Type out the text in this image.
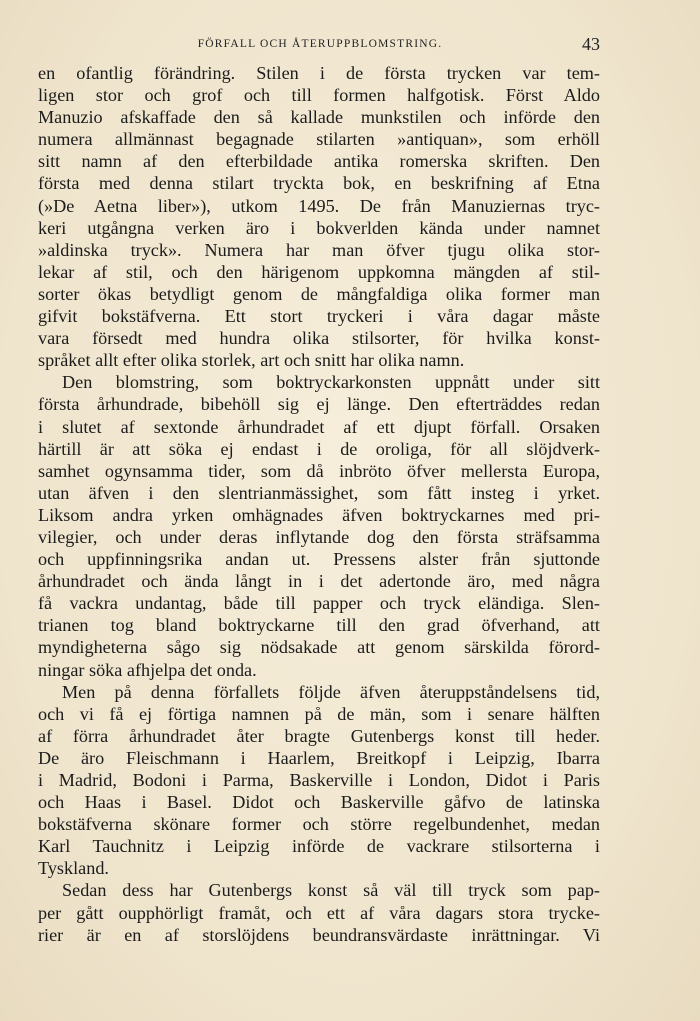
FÖRFALL OCH ÅTERUPPBLOMSTRING.	43
en ofantlig förändring. Stilen i de första trycken var tem-
ligen stor och grof och till formen halfgotisk. Först Aldo
Manuzio afskaffade den så kallade munkstilen och införde den
numera allmännast begagnade stilarten »antiquan», som erhöll
sitt namn af den efterbildade antika romerska skriften. Den
första med denna stilart tryckta bok, en beskrifning af Etna
(»De Aetna liber»), utkom 1495. De från Manuziernas tryc-
keri utgångna verken äro i bokverlden kända under namnet
»aldinska tryck». Numera har man öfver tjugu olika stor-
lekar af stil, och den härigenom uppkomna mängden af stil-
sorter ökas betydligt genom de mångfaldiga olika former man
gifvit bokstäfverna. Ett stort tryckeri i våra dagar måste
vara försedt med hundra olika stilsorter, för hvilka konst-
språket allt efter olika storlek, art och snitt har olika namn.
Den blomstring, som boktryckarkonsten uppnått under sitt
första århundrade, bibehöll sig ej länge. Den efterträddes redan
i slutet af sextonde århundradet af ett djupt förfall. Orsaken
härtill är att söka ej endast i de oroliga, för all slöjdverk-
samhet ogynsamma tider, som då inbröto öfver mellersta Europa,
utan äfven i den slentrianmässighet, som fått insteg i yrket.
Liksom andra yrken omhägnades äfven boktryckarnes med pri-
vilegier, och under deras inflytande dog den första sträfsamma
och uppfinningsrika andan ut. Pressens alster från sjuttonde
århundradet och ända långt in i det adertonde äro, med några
få vackra undantag, både till papper och tryck eländiga. Slen-
trianen tog bland boktryckarne till den grad öfverhand, att
myndigheterna sågo sig nödsakade att genom särskilda förord-
ningar söka afhjelpa det onda.
Men på denna förfallets följde äfven återuppståndelsens tid,
och vi få ej förtiga namnen på de män, som i senare hälften
af förra århundradet åter bragte Gutenbergs konst till heder.
De äro Fleischmann i Haarlem, Breitkopf i Leipzig, Ibarra
i Madrid, Bodoni i Parma, Baskerville i London, Didot i Paris
och Haas i Basel. Didot och Baskerville gåfvo de latinska
bokstäfverna skönare former och större regelbundenhet, medan
Karl Tauchnitz i Leipzig införde de vackrare stilsorterna i
Tyskland.
Sedan dess har Gutenbergs konst så väl till tryck som pap-
per gått oupphörligt framåt, och ett af våra dagars stora trycke-
rier är en af storslöjdens beundransvärdaste inrättningar. Vi
